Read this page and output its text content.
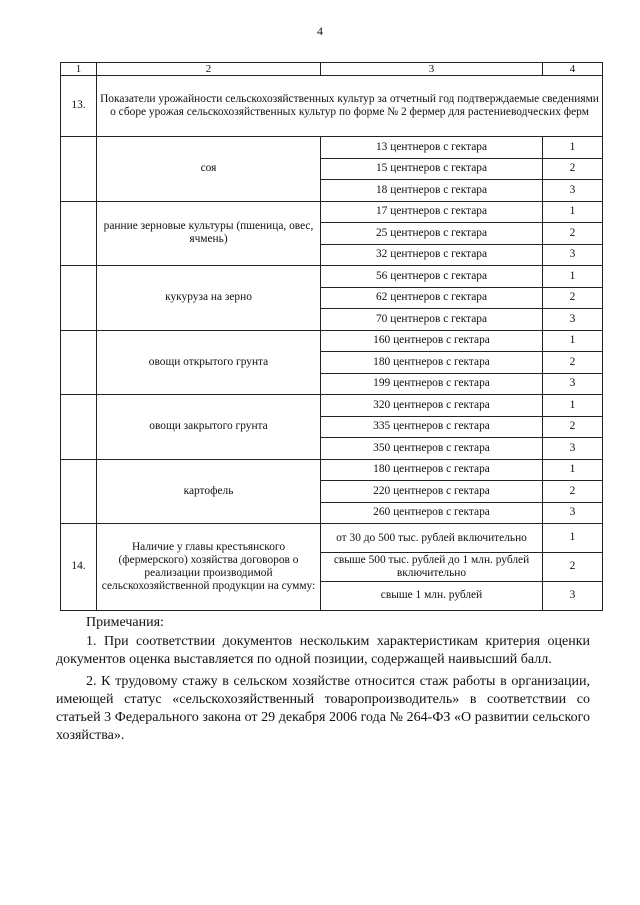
4
1	2	3	4
13.	Показатели урожайности сельскохозяйственных культур за отчетный год подтверждаемые сведениями о сборе урожая сельскохозяйственных культур по форме № 2 фермер для растениеводческих ферм		
	соя	13 центнеров с гектара	1
		15 центнеров с гектара	2
		18 центнеров с гектара	3
	ранние зерновые культуры (пшеница, овес, ячмень)	17 центнеров с гектара	1
		25 центнеров с гектара	2
		32 центнеров с гектара	3
	кукуруза на зерно	56 центнеров с гектара	1
		62 центнеров с гектара	2
		70 центнеров с гектара	3
	овощи открытого грунта	160 центнеров с гектара	1
		180 центнеров с гектара	2
		199 центнеров с гектара	3
	овощи закрытого грунта	320 центнеров с гектара	1
		335 центнеров с гектара	2
		350 центнеров с гектара	3
	картофель	180 центнеров с гектара	1
		220 центнеров с гектара	2
		260 центнеров с гектара	3
14.	Наличие у главы крестьянского (фермерского) хозяйства договоров о реализации производимой сельскохозяйственной продукции на сумму:	от 30 до 500 тыс. рублей включительно	1
		свыше 500 тыс. рублей до 1 млн. рублей включительно	2
		свыше 1 млн. рублей	3

Примечания:

1. При соответствии документов нескольким характеристикам критерия оценки документов оценка выставляется по одной позиции, содержащей наивысший балл.

2. К трудовому стажу в сельском хозяйстве относится стаж работы в организации, имеющей статус «сельскохозяйственный товаропроизводитель» в соответствии со статьей 3 Федерального закона от 29 декабря 2006 года № 264-ФЗ «О развитии сельского хозяйства».
